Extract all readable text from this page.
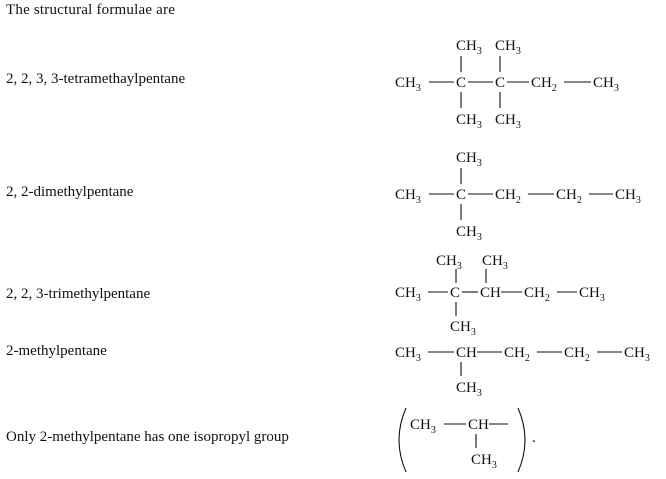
The structural formulae are
2, 2, 3, 3-tetramethaylpentane
2, 2-dimethylpentane
2, 2, 3-trimethylpentane
2-methylpentane
Only 2-methylpentane has one isopropyl group
$CH_3$ $CH_3$
$CH_3$ C C $CH_2$ $CH_3$
$CH_3$ $CH_3$
$CH_3$
$CH_3$ C $CH_2$ $CH_2$ $CH_3$
$CH_3$
$CH_3$ $CH_3$
$CH_3$ C CH $CH_2$ $CH_3$
$CH_3$
$CH_3$ CH $CH_2$ $CH_2$ $CH_3$
$CH_3$
$CH_3$ CH
$CH_3$
.
